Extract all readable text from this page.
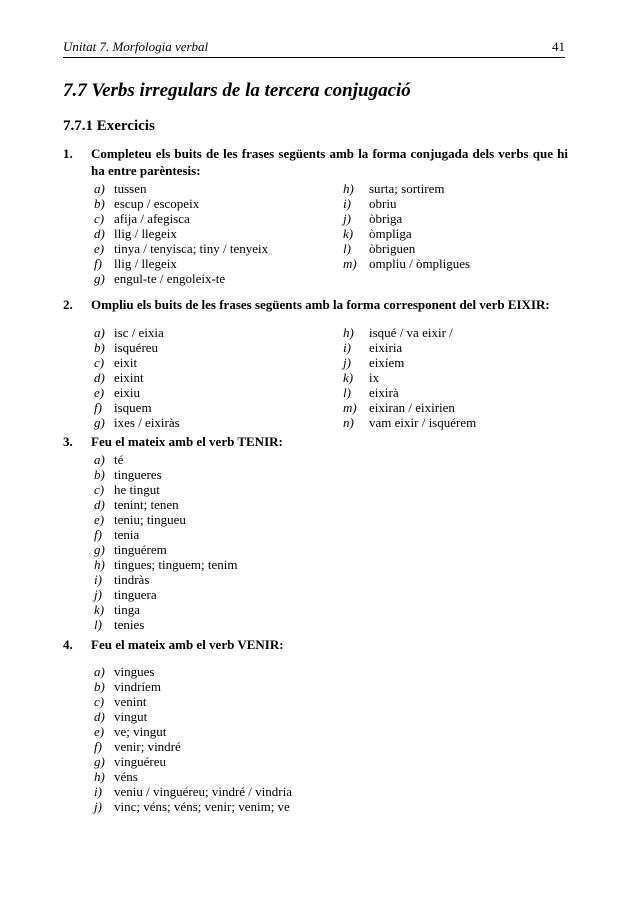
Unitat 7. Morfologia verbal	41
7.7 Verbs irregulars de la tercera conjugació
7.7.1 Exercicis
1.	Completeu els buits de les frases següents amb la forma conjugada dels verbs que hi ha entre parèntesis:
a) tussen
b) escup / escopeix
c) afija / afegisca
d) llig / llegeix
e) tinya / tenyisca; tiny / tenyeix
f) llig / llegeix
g) engul-te / engoleix-te
h)	surta; sortirem
i)	obriu
j)	òbriga
k)	òmpliga
l)	òbriguen
m) ompliu / òmpligues
2.	Ompliu els buits de les frases següents amb la forma corresponent del verb EIXIR:
a) isc / eixia
b) isquéreu
c) eixit
d) eixint
e) eixiu
f) isquem
g) ixes / eixiràs
h)	isqué / va eixir /
i)	eixiria
j)	eixíem
k)	ix
l)	eixirà
m) eixiran / eixirien
n)	vam eixir / isquérem
3.	Feu el mateix amb el verb TENIR:
a) té
b) tingueres
c) he tingut
d) tenint; tenen
e) teniu; tingueu
f) tenia
g) tinguérem
h) tingues; tinguem; tenim
i) tindràs
j) tinguera
k) tinga
l) tenies
4.	Feu el mateix amb el verb VENIR:
a) vingues
b) vindríem
c) venint
d) vingut
e) ve; vingut
f) venir; vindré
g) vinguéreu
h) véns
i) veniu / vinguéreu; vindré / vindria
j) vinc; véns; véns; venir; venim; ve
